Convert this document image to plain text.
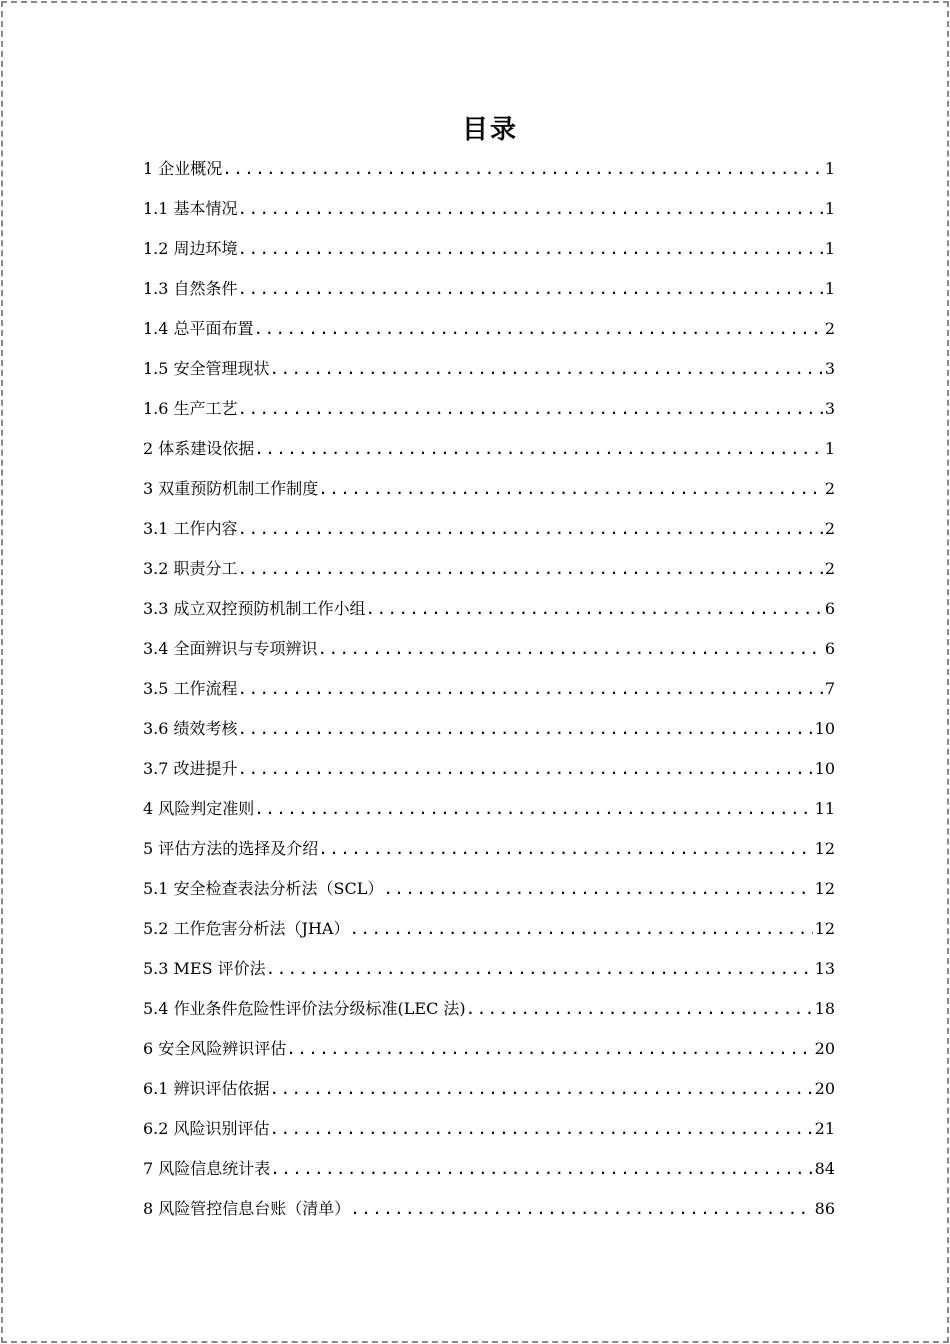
目录
1 企业概况 .....	1
1.1 基本情况 .....	1
1.2 周边环境 .....	1
1.3 自然条件 .....	1
1.4 总平面布置 .....	2
1.5 安全管理现状 .....	3
1.6 生产工艺 .....	3
2 体系建设依据 .....	1
3 双重预防机制工作制度 .....	2
3.1 工作内容 .....	2
3.2 职责分工 .....	2
3.3 成立双控预防机制工作小组 .....	6
3.4 全面辨识与专项辨识 .....	6
3.5 工作流程 .....	7
3.6 绩效考核 .....	10
3.7 改进提升 .....	10
4 风险判定准则 .....	11
5 评估方法的选择及介绍 .....	12
5.1 安全检查表法分析法（SCL） .....	12
5.2 工作危害分析法（JHA） .....	12
5.3 MES 评价法 .....	13
5.4 作业条件危险性评价法分级标准(LEC 法) .....	18
6 安全风险辨识评估 .....	20
6.1 辨识评估依据 .....	20
6.2 风险识别评估 .....	21
7 风险信息统计表 .....	84
8 风险管控信息台账（清单） .....	86
